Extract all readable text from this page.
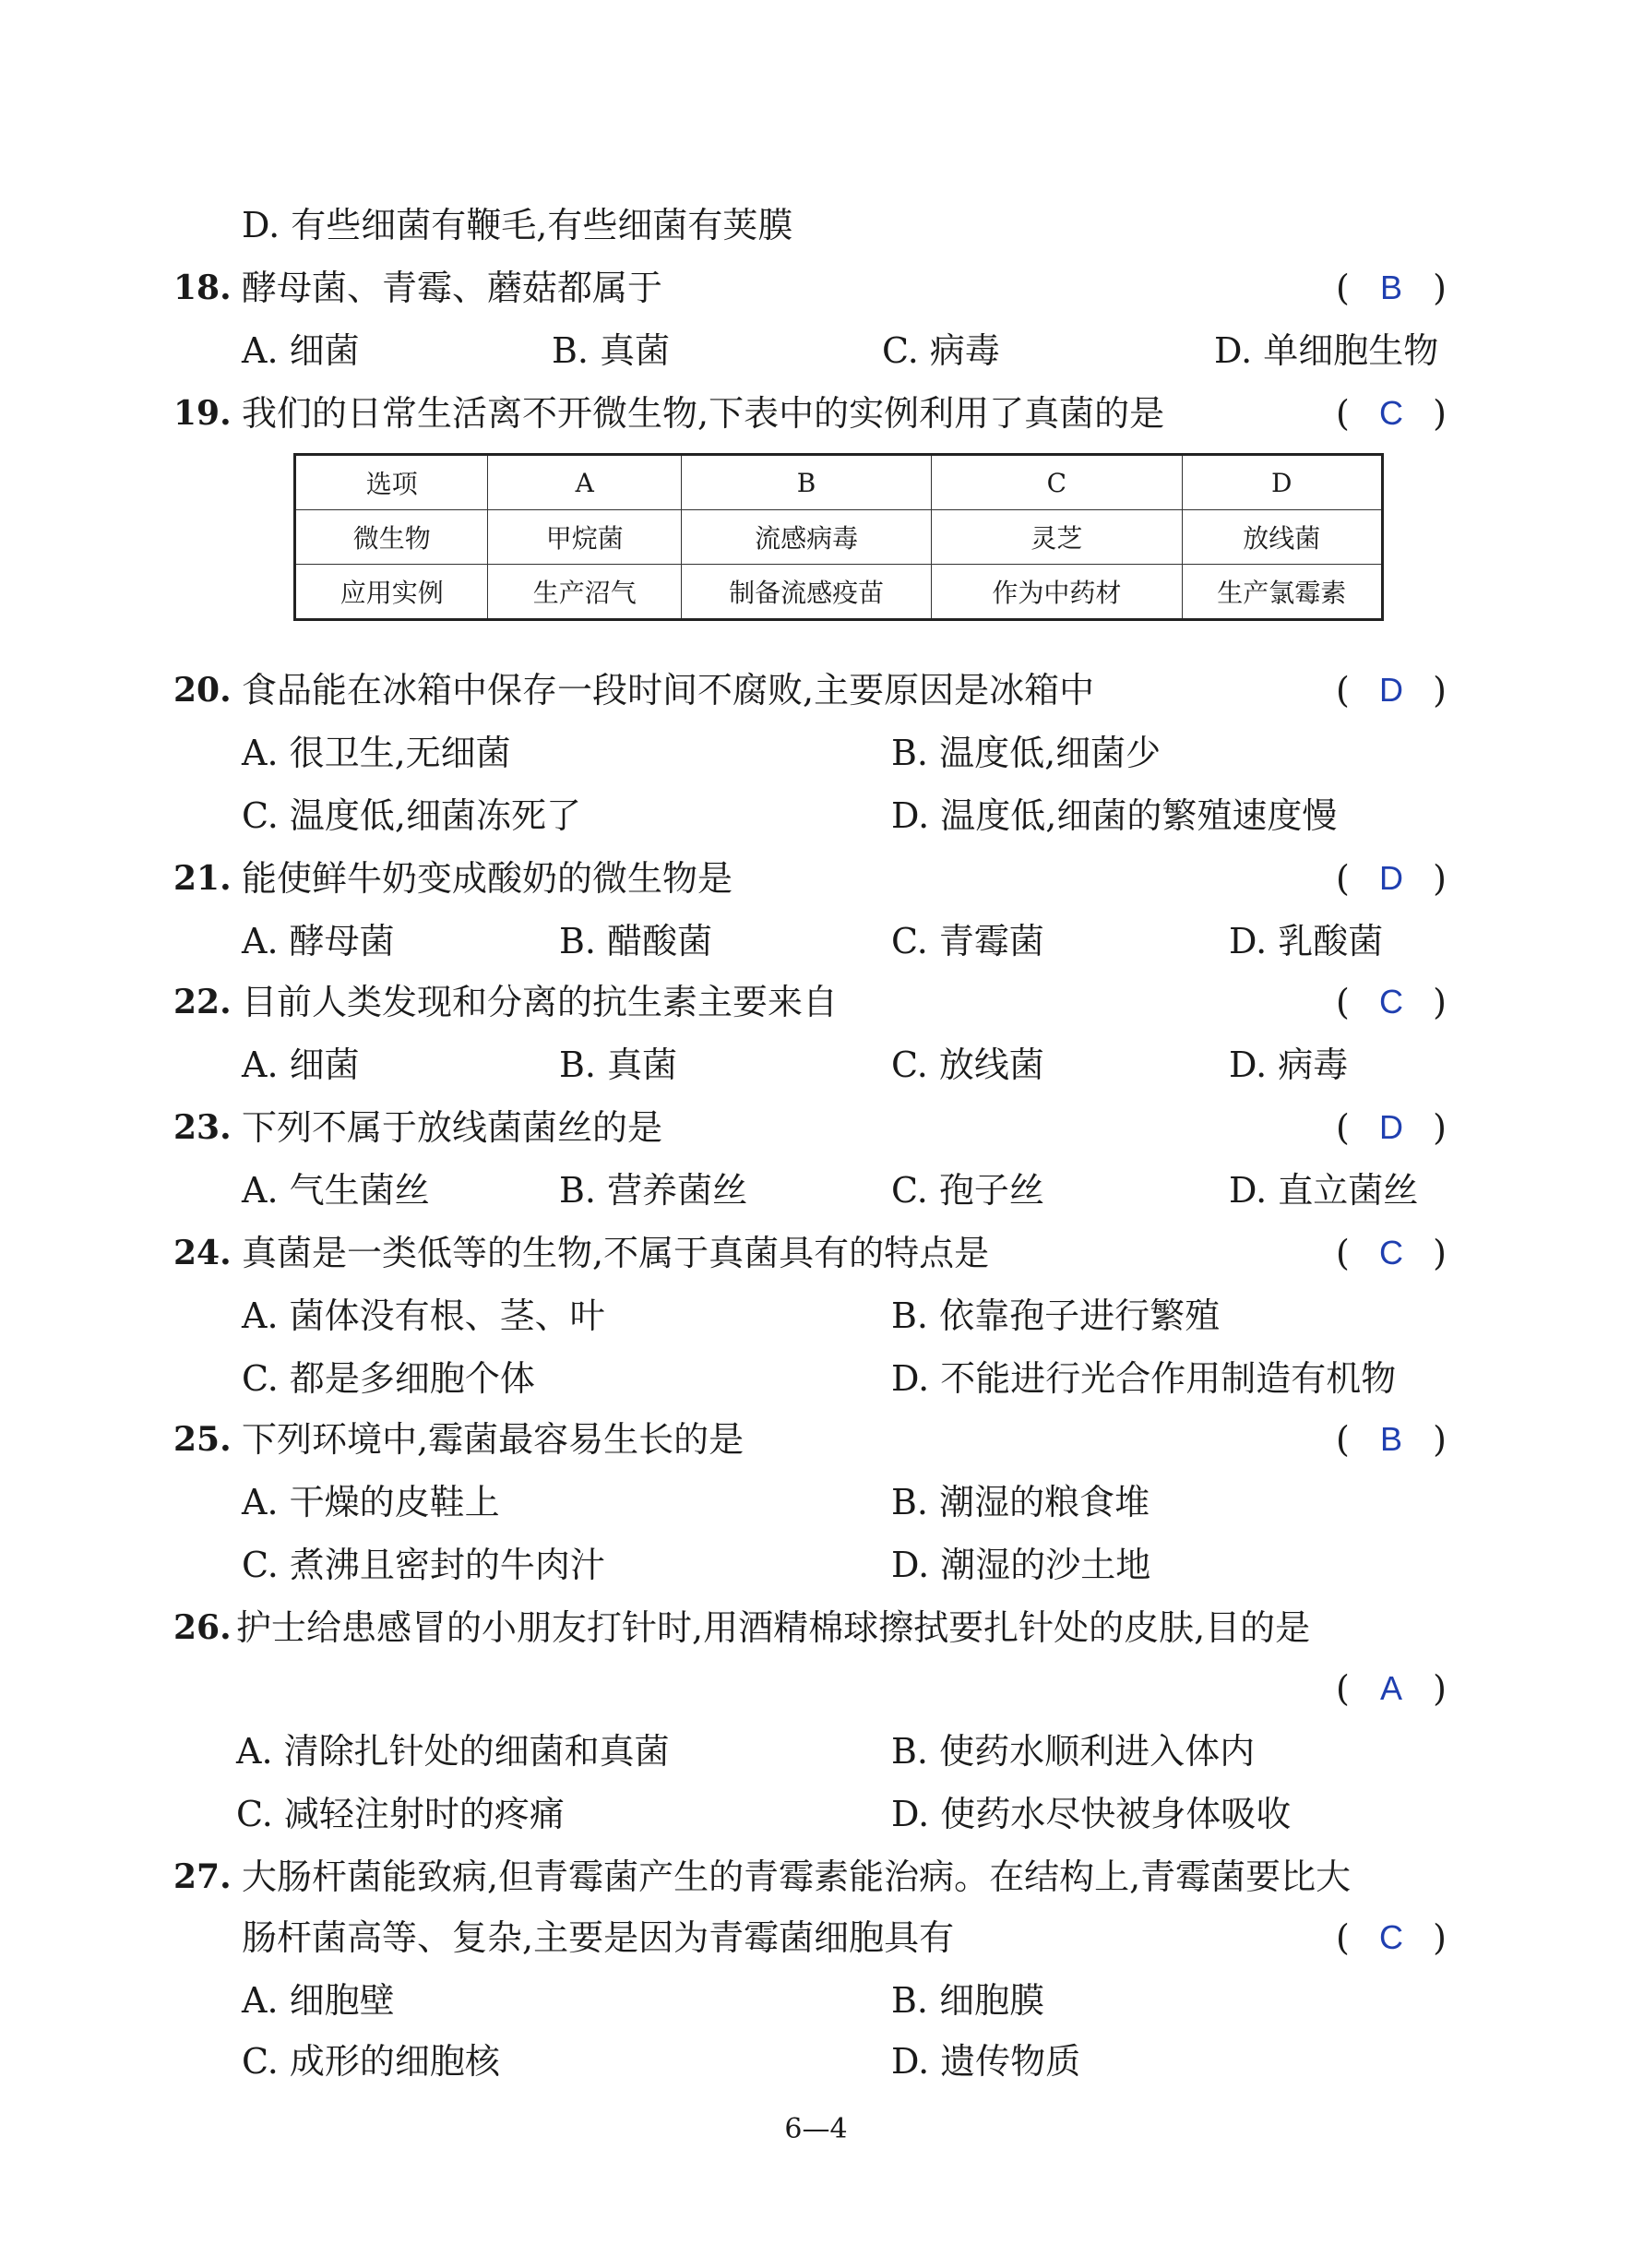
D. 有些细菌有鞭毛,有些细菌有荚膜
18. 酵母菌、青霉、蘑菇都属于	( B )
A. 细菌	B. 真菌	C. 病毒	D. 单细胞生物
19. 我们的日常生活离不开微生物,下表中的实例利用了真菌的是	( C )
选项	A	B	C	D
微生物	甲烷菌	流感病毒	灵芝	放线菌
应用实例	生产沼气	制备流感疫苗	作为中药材	生产氯霉素
20. 食品能在冰箱中保存一段时间不腐败,主要原因是冰箱中	( D )
A. 很卫生,无细菌	B. 温度低,细菌少
C. 温度低,细菌冻死了	D. 温度低,细菌的繁殖速度慢
21. 能使鲜牛奶变成酸奶的微生物是	( D )
A. 酵母菌	B. 醋酸菌	C. 青霉菌	D. 乳酸菌
22. 目前人类发现和分离的抗生素主要来自	( C )
A. 细菌	B. 真菌	C. 放线菌	D. 病毒
23. 下列不属于放线菌菌丝的是	( D )
A. 气生菌丝	B. 营养菌丝	C. 孢子丝	D. 直立菌丝
24. 真菌是一类低等的生物,不属于真菌具有的特点是	( C )
A. 菌体没有根、茎、叶	B. 依靠孢子进行繁殖
C. 都是多细胞个体	D. 不能进行光合作用制造有机物
25. 下列环境中,霉菌最容易生长的是	( B )
A. 干燥的皮鞋上	B. 潮湿的粮食堆
C. 煮沸且密封的牛肉汁	D. 潮湿的沙土地
26. 护士给患感冒的小朋友打针时,用酒精棉球擦拭要扎针处的皮肤,目的是
( A )
A. 清除扎针处的细菌和真菌	B. 使药水顺利进入体内
C. 减轻注射时的疼痛	D. 使药水尽快被身体吸收
27. 大肠杆菌能致病,但青霉菌产生的青霉素能治病。在结构上,青霉菌要比大
肠杆菌高等、复杂,主要是因为青霉菌细胞具有	( C )
A. 细胞壁	B. 细胞膜
C. 成形的细胞核	D. 遗传物质
6—4
